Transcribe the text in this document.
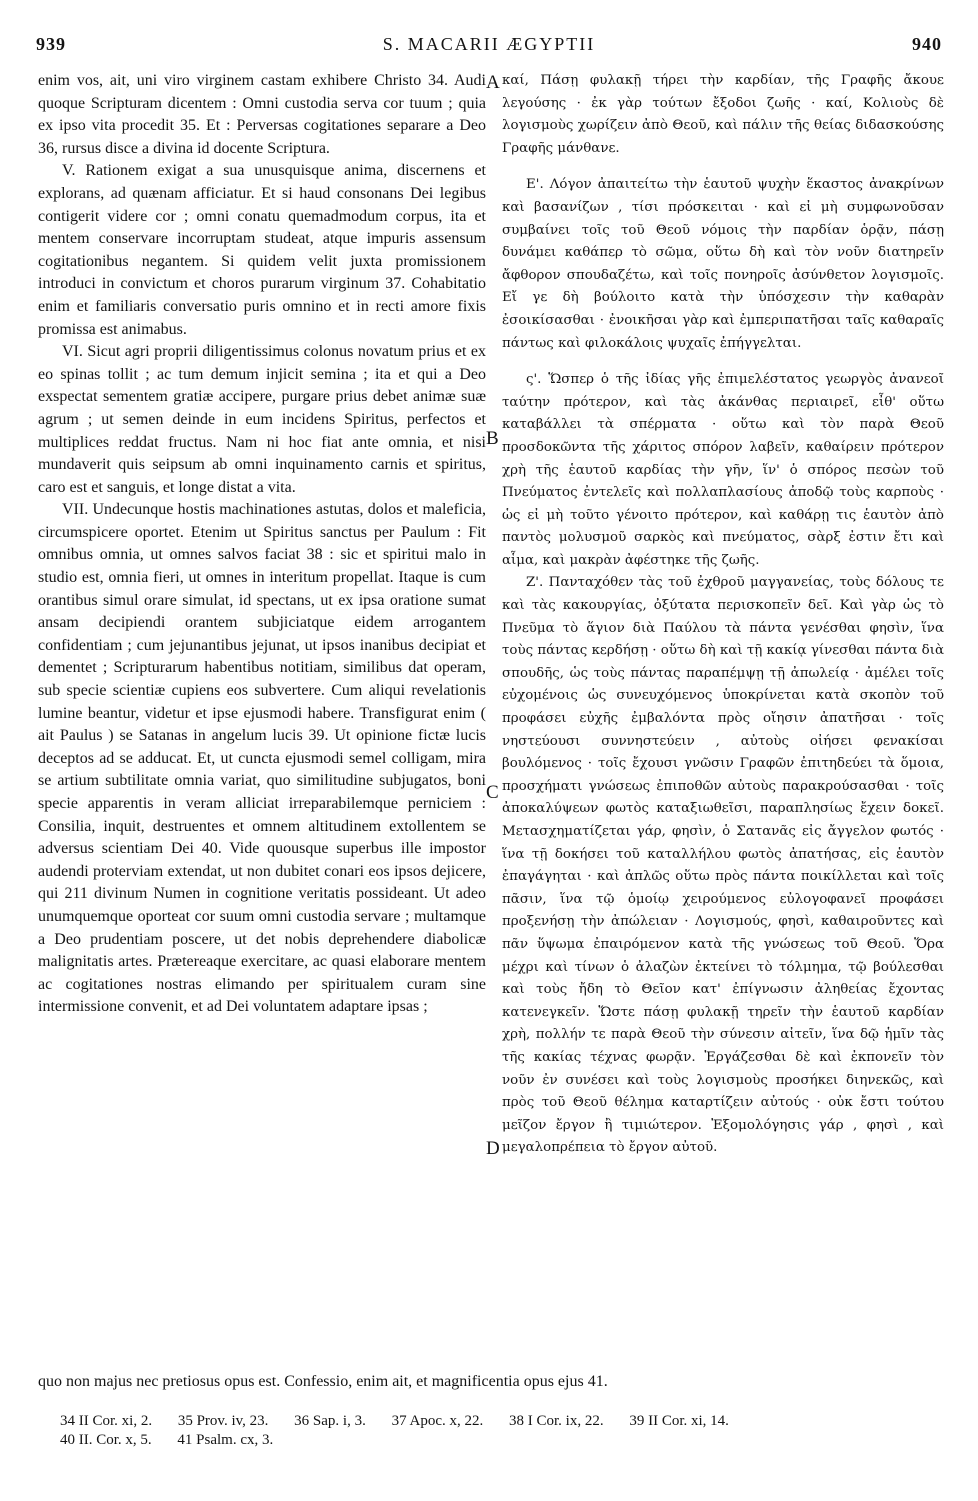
939	S. MACARII ÆGYPTII	940

enim vos, ait, uni viro virginem castam exhibere Christo 34. Audi quoque Scripturam dicentem : Omni custodia serva cor tuum ; quia ex ipso vita procedit 35. Et : Perversas cogitationes separare a Deo 36, rursus disce a divina id docente Scriptura.

V. Rationem exigat a sua unusquisque anima, discernens et explorans, ad quænam afficiatur. Et si haud consonans Dei legibus contigerit videre cor ; omni conatu quemadmodum corpus, ita et mentem conservare incorruptam studeat, atque impuris assensum cogitationibus negantem. Si quidem velit juxta promissionem introduci in convictum et choros purarum virginum 37. Cohabitatio enim et familiaris conversatio puris omnino et in recti amore fixis promissa est animabus.

VI. Sicut agri proprii diligentissimus colonus novatum prius et ex eo spinas tollit ; ac tum demum injicit semina ; ita et qui a Deo exspectat sementem gratiæ accipere, purgare prius debet animæ suæ agrum ; ut semen deinde in eum incidens Spiritus, perfectos et multiplices reddat fructus. Nam ni hoc fiat ante omnia, et nisi mundaverit quis seipsum ab omni inquinamento carnis et spiritus, caro est et sanguis, et longe distat a vita.

VII. Undecunque hostis machinationes astutas, dolos et maleficia, circumspicere oportet. Etenim ut Spiritus sanctus per Paulum : Fit omnibus omnia, ut omnes salvos faciat 38 : sic et spiritui malo in studio est, omnia fieri, ut omnes in interitum propellat. Itaque is cum orantibus simul orare simulat, id spectans, ut ex ipsa oratione sumat ansam decipiendi orantem subjiciatque eidem arrogantem confidentiam ; cum jejunantibus jejunat, ut ipsos inanibus decipiat et dementet ; Scripturarum habentibus notitiam, similibus dat operam, sub specie scientiæ cupiens eos subvertere. Cum aliqui revelationis lumine beantur, videtur et ipse ejusmodi habere. Transfigurat enim ( ait Paulus ) se Satanas in angelum lucis 39. Ut opinione fictæ lucis deceptos ad se adducat. Et, ut cuncta ejusmodi semel colligam, mira se artium subtilitate omnia variat, quo similitudine subjugatos, boni specie apparentis in veram alliciat irreparabilemque perniciem : Consilia, inquit, destruentes et omnem altitudinem extollentem se adversus scientiam Dei 40. Vide quousque superbus ille impostor audendi proterviam extendat, ut non dubitet conari eos ipsos dejicere, qui 211 divinum Numen in cognitione veritatis possideant. Ut adeo unumquemque oporteat cor suum omni custodia servare ; multamque a Deo prudentiam poscere, ut det nobis deprehendere diabolicæ malignitatis artes. Prætereaque exercitare, ac quasi elaborare mentem ac cogitationes nostras elimando per spiritualem curam sine intermissione convenit, et ad Dei voluntatem adaptare ipsas ;

A
B
C
D

καί, Πάσῃ φυλακῇ τήρει τὴν καρδίαν, τῆς Γραφῆς ἄκουε λεγούσης · ἐκ γὰρ τούτων ἔξοδοι ζωῆς · καί, Κολιοὺς δὲ λογισμοὺς χωρίζειν ἀπὸ Θεοῦ, καὶ πάλιν τῆς θείας διδασκούσης Γραφῆς μάνθανε.

Ε'. Λόγον ἀπαιτείτω τὴν ἑαυτοῦ ψυχὴν ἕκαστος ἀνακρίνων καὶ βασανίζων , τίσι πρόσκειται · καὶ εἰ μὴ συμφωνοῦσαν συμβαίνει τοῖς τοῦ Θεοῦ νόμοις τὴν παρδίαν ὁρᾷν, πάσῃ δυνάμει καθάπερ τὸ σῶμα, οὕτω δὴ καὶ τὸν νοῦν διατηρεῖν ἄφθορον σπουδαζέτω, καὶ τοῖς πονηροῖς ἀσύνθετον λογισμοῖς. Εἴ γε δὴ βούλοιτο κατὰ τὴν ὑπόσχεσιν τὴν καθαρὰν ἐσοικίσασθαι · ἐνοικῆσαι γὰρ καὶ ἐμπεριπατῆσαι ταῖς καθαραῖς πάντως καὶ φιλοκάλοις ψυχαῖς ἐπήγγελται.

ς'. Ὥσπερ ὁ τῆς ἰδίας γῆς ἐπιμελέστατος γεωργὸς ἀνανεοῖ ταύτην πρότερον, καὶ τὰς ἀκάνθας περιαιρεῖ, εἶθ' οὕτω καταβάλλει τὰ σπέρματα · οὕτω καὶ τὸν παρὰ Θεοῦ προσδοκῶντα τῆς χάριτος σπόρον λαβεῖν, καθαίρειν πρότερον χρὴ τῆς ἑαυτοῦ καρδίας τὴν γῆν, ἵν' ὁ σπόρος πεσὼν τοῦ Πνεύματος ἐντελεῖς καὶ πολλαπλασίους ἀποδῷ τοὺς καρποὺς · ὡς εἰ μὴ τοῦτο γένοιτο πρότερον, καὶ καθάρῃ τις ἑαυτὸν ἀπὸ παντὸς μολυσμοῦ σαρκὸς καὶ πνεύματος, σὰρξ ἐστιν ἔτι καὶ αἷμα, καὶ μακρὰν ἀφέστηκε τῆς ζωῆς.

Ζ'. Πανταχόθεν τὰς τοῦ ἐχθροῦ μαγγανείας, τοὺς δόλους τε καὶ τὰς κακουργίας, ὀξύτατα περισκοπεῖν δεῖ. Καὶ γὰρ ὡς τὸ Πνεῦμα τὸ ἅγιον διὰ Παύλου τὰ πάντα γενέσθαι φησὶν, ἵνα τοὺς πάντας κερδήσῃ · οὕτω δὴ καὶ τῇ κακίᾳ γίνεσθαι πάντα διὰ σπουδῆς, ὡς τοὺς πάντας παραπέμψῃ τῇ ἀπωλείᾳ · ἀμέλει τοῖς εὐχομένοις ὡς συνευχόμενος ὑποκρίνεται κατὰ σκοπὸν τοῦ προφάσει εὐχῆς ἐμβαλόντα πρὸς οἴησιν ἀπατῆσαι · τοῖς νηστεύουσι συννηστεύειν , αὐτοὺς οἰήσει φενακίσαι βουλόμενος · τοῖς ἔχουσι γνῶσιν Γραφῶν ἐπιτηδεύει τὰ ὅμοια, προσχήματι γνώσεως ἐπιποθῶν αὐτοὺς παρακρούσασθαι · τοῖς ἀποκαλύψεων φωτὸς καταξιωθεῖσι, παραπλησίως ἔχειν δοκεῖ. Μετασχηματίζεται γάρ, φησὶν, ὁ Σατανᾶς εἰς ἄγγελον φωτός · ἵνα τῇ δοκήσει τοῦ καταλλήλου φωτὸς ἀπατήσας, εἰς ἑαυτὸν ἐπαγάγηται · καὶ ἁπλῶς οὕτω πρὸς πάντα ποικίλλεται καὶ τοῖς πᾶσιν, ἵνα τῷ ὁμοίῳ χειρούμενος εὐλογοφανεῖ προφάσει προξενήσῃ τὴν ἀπώλειαν · Λογισμούς, φησὶ, καθαιροῦντες καὶ πᾶν ὕψωμα ἐπαιρόμενον κατὰ τῆς γνώσεως τοῦ Θεοῦ. Ὅρα μέχρι καὶ τίνων ὁ ἀλαζὼν ἐκτείνει τὸ τόλμημα, τῷ βούλεσθαι καὶ τοὺς ἤδη τὸ Θεῖον κατ' ἐπίγνωσιν ἀληθείας ἔχοντας κατενεγκεῖν. Ὥστε πάσῃ φυλακῇ τηρεῖν τὴν ἑαυτοῦ καρδίαν χρὴ, πολλήν τε παρὰ Θεοῦ τὴν σύνεσιν αἰτεῖν, ἵνα δῷ ἡμῖν τὰς τῆς κακίας τέχνας φωρᾷν. Ἐργάζεσθαι δὲ καὶ ἐκπονεῖν τὸν νοῦν ἐν συνέσει καὶ τοὺς λογισμοὺς προσήκει διηνεκῶς, καὶ πρὸς τοῦ Θεοῦ θέλημα καταρτίζειν αὐτούς · οὐκ ἔστι τούτου μεῖζον ἔργον ἢ τιμιώτερον. Ἐξομολόγησις γάρ , φησὶ , καὶ μεγαλοπρέπεια τὸ ἔργον αὐτοῦ.

quo non majus nec pretiosus opus est. Confessio, enim ait, et magnificentia opus ejus 41.
34 II Cor. xi, 2. 35 Prov. iv, 23. 36 Sap. i, 3. 37 Apoc. x, 22. 38 I Cor. ix, 22. 39 II Cor. xi, 14.
40 II. Cor. x, 5. 41 Psalm. cx, 3.
